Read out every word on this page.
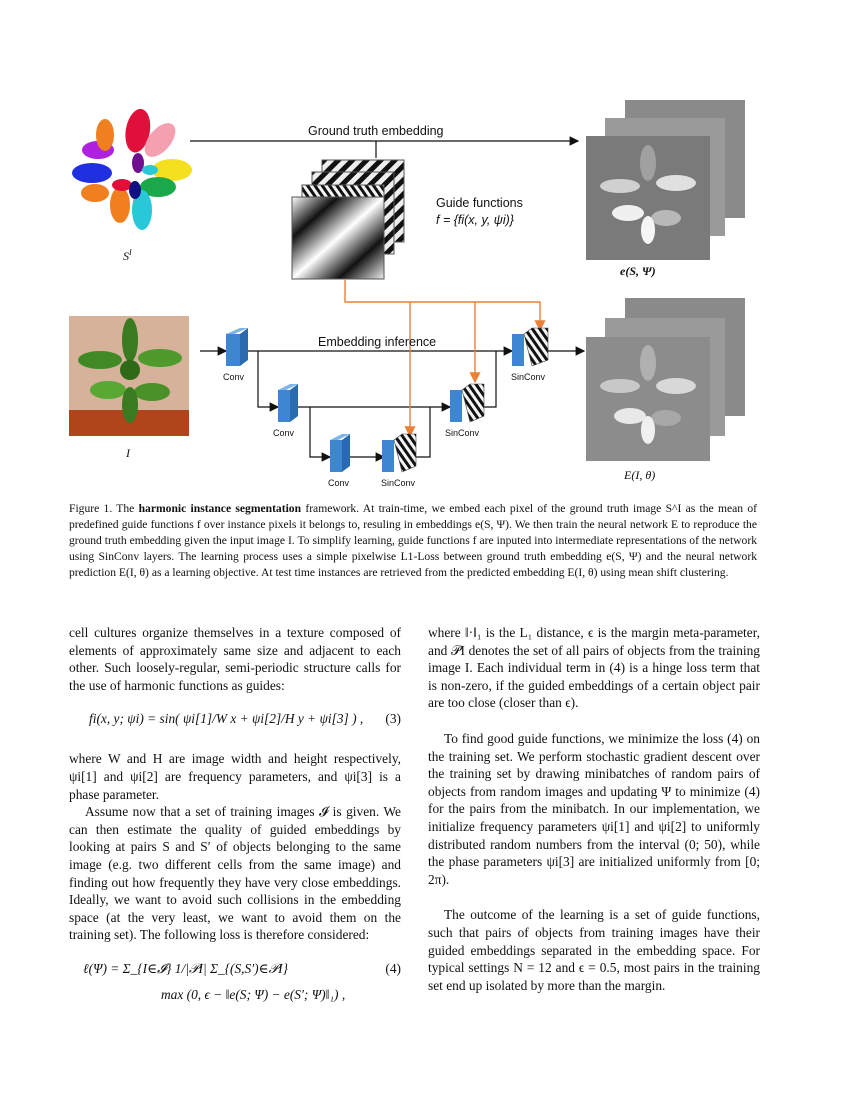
Ground truth embedding
Guide functions
f = {fi(x, y, ψi)}
Embedding inference
$S^I$
I
e(S, Ψ)
E(I, θ)
Conv
Conv
Conv	SinConv
SinConv
SinConv
Figure 1. The harmonic instance segmentation framework. At train-time, we embed each pixel of the ground truth image S^I as the mean of predefined guide functions f over instance pixels it belongs to, resuling in embeddings e(S, Ψ). We then train the neural network E to reproduce the ground truth embedding given the input image I. To simplify learning, guide functions f are inputed into intermediate representations of the network using SinConv layers. The learning process uses a simple pixelwise L1-Loss between ground truth embedding e(S, Ψ) and the neural network prediction E(I, θ) as a learning objective. At test time instances are retrieved from the predicted embedding E(I, θ) using mean shift clustering.

cell cultures organize themselves in a texture composed of elements of approximately same size and adjacent to each other. Such loosely-regular, semi-periodic structure calls for the use of harmonic functions as guides:

fi(x, y; ψi) = sin( ψi[1]/W x + ψi[2]/H y + ψi[3] ) , (3)

where W and H are image width and height respectively, ψi[1] and ψi[2] are frequency parameters, and ψi[3] is a phase parameter.

Assume now that a set of training images 𝓘 is given. We can then estimate the quality of guided embeddings by looking at pairs S and S′ of objects belonging to the same image (e.g. two different cells from the same image) and finding out how frequently they have very close embeddings. Ideally, we want to avoid such collisions in the embedding space (at the very least, we want to avoid them on the training set). The following loss is therefore considered:

ℓ(Ψ) = Σ_{I∈𝓘} 1/|𝒫I| Σ_{(S,S′)∈𝒫I}	(4)
max (0, ϵ − ‖e(S; Ψ) − e(S′; Ψ)‖₁) ,

where ‖·‖₁ is the L₁ distance, ϵ is the margin meta-parameter, and 𝒫I denotes the set of all pairs of objects from the training image I. Each individual term in (4) is a hinge loss term that is non-zero, if the guided embeddings of a certain object pair are too close (closer than ϵ).

To find good guide functions, we minimize the loss (4) on the training set. We perform stochastic gradient descent over the training set by drawing minibatches of random pairs of objects from random images and updating Ψ to minimize (4) for the pairs from the minibatch. In our implementation, we initialize frequency parameters ψi[1] and ψi[2] to uniformly distributed random numbers from the interval (0; 50), while the phase parameters ψi[3] are initialized uniformly from [0; 2π).

The outcome of the learning is a set of guide functions, such that pairs of objects from training images have their guided embeddings separated in the embedding space. For typical settings N = 12 and ϵ = 0.5, most pairs in the training set end up isolated by more than the margin.
